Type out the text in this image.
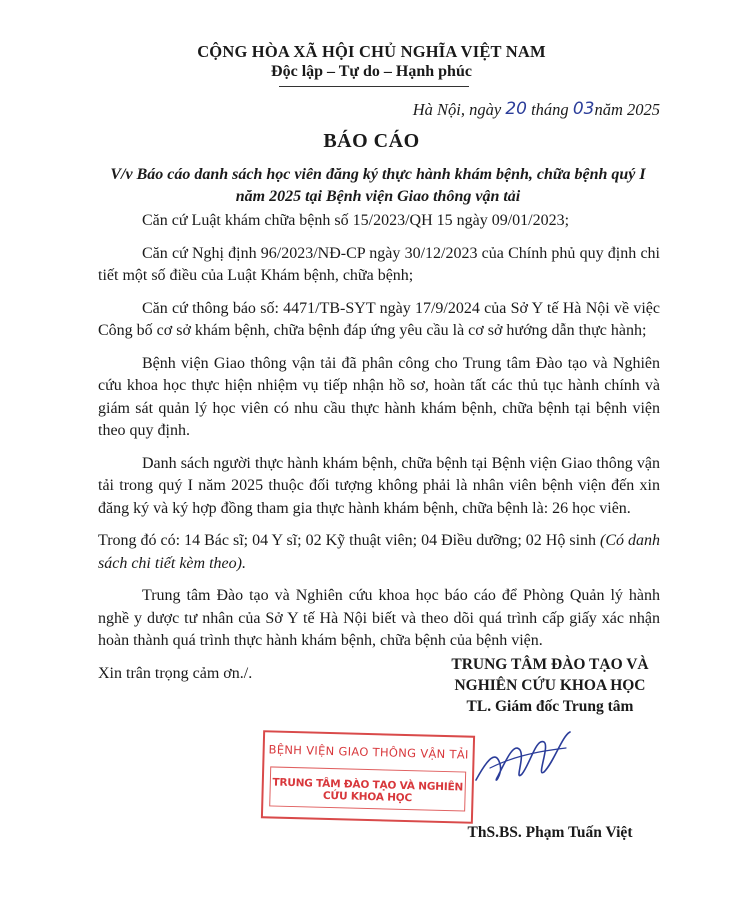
CỘNG HÒA XÃ HỘI CHỦ NGHĨA VIỆT NAM
Độc lập – Tự do – Hạnh phúc
Hà Nội, ngày 20 tháng 03năm 2025
BÁO CÁO
V/v Báo cáo danh sách học viên đăng ký thực hành khám bệnh, chữa bệnh quý I năm 2025 tại Bệnh viện Giao thông vận tải

Căn cứ Luật khám chữa bệnh số 15/2023/QH 15 ngày 09/01/2023;

Căn cứ Nghị định 96/2023/NĐ-CP ngày 30/12/2023 của Chính phủ quy định chi tiết một số điều của Luật Khám bệnh, chữa bệnh;

Căn cứ thông báo số: 4471/TB-SYT ngày 17/9/2024 của Sở Y tế Hà Nội về việc Công bố cơ sở khám bệnh, chữa bệnh đáp ứng yêu cầu là cơ sở hướng dẫn thực hành;

Bệnh viện Giao thông vận tải đã phân công cho Trung tâm Đào tạo và Nghiên cứu khoa học thực hiện nhiệm vụ tiếp nhận hồ sơ, hoàn tất các thủ tục hành chính và giám sát quản lý học viên có nhu cầu thực hành khám bệnh, chữa bệnh tại bệnh viện theo quy định.

Danh sách người thực hành khám bệnh, chữa bệnh tại Bệnh viện Giao thông vận tải trong quý I năm 2025 thuộc đối tượng không phải là nhân viên bệnh viện đến xin đăng ký và ký hợp đồng tham gia thực hành khám bệnh, chữa bệnh là: 26 học viên.

Trong đó có: 14 Bác sĩ; 04 Y sĩ; 02 Kỹ thuật viên; 04 Điều dưỡng; 02 Hộ sinh (Có danh sách chi tiết kèm theo).

Trung tâm Đào tạo và Nghiên cứu khoa học báo cáo để Phòng Quản lý hành nghề y dược tư nhân của Sở Y tế Hà Nội biết và theo dõi quá trình cấp giấy xác nhận hoàn thành quá trình thực hành khám bệnh, chữa bệnh của bệnh viện.

Xin trân trọng cảm ơn./.	TRUNG TÂM ĐÀO TẠO VÀ
NGHIÊN CỨU KHOA HỌC
TL. Giám đốc Trung tâm
BỆNH VIỆN GIAO THÔNG VẬN TẢI
TRUNG TÂM ĐÀO TẠO VÀ NGHIÊN CỨU KHOA HỌC
ThS.BS. Phạm Tuấn Việt
